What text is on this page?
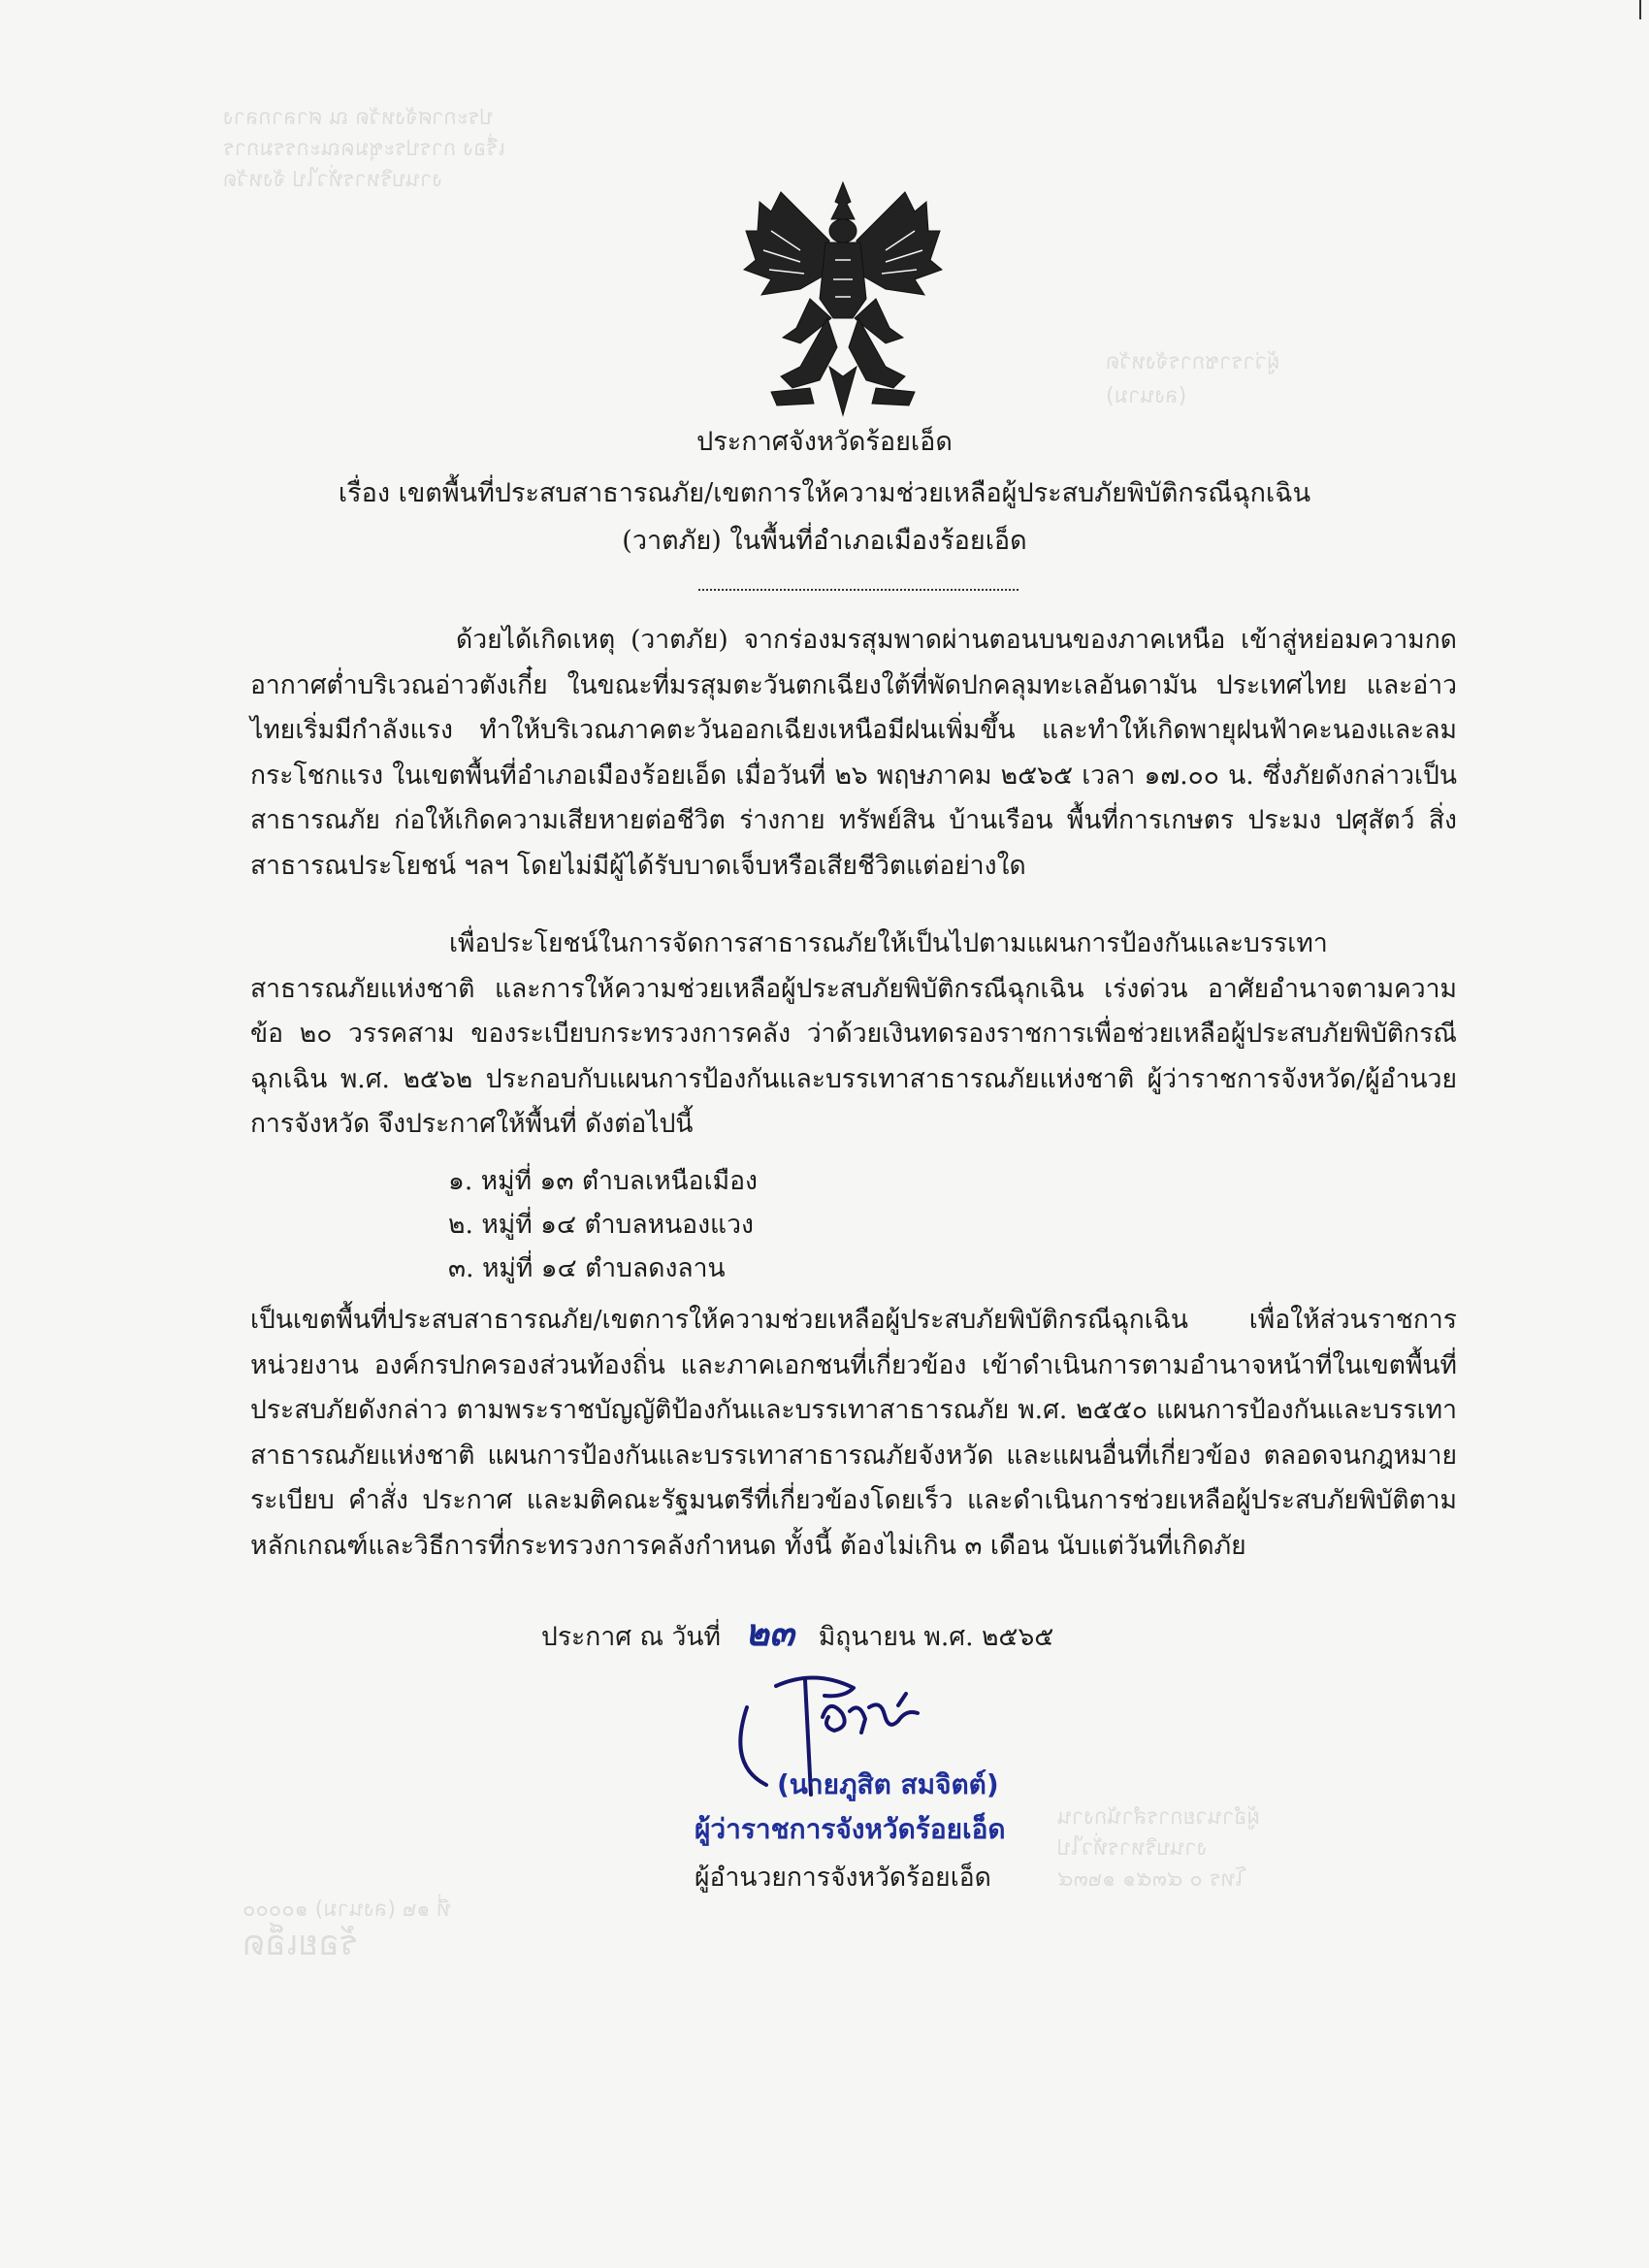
ประกาศจังหวัด ณ ศาลากลาง
เรื่อง การประชุมคณะกรรมการ
งานบริหารทั่วไป จังหวัด
ผู้ว่าราชการจังหวัด
(ลงนาม)
ผู้อำนวยการสำนักงาน
งานบริหารทั่วไป
โทร ๐ ๔๓๕๑ ๑๒๓๔
ที่ ๑๒ (ลงนาม) ๑๐๐๐๐
ร้อยเอ็ด
ประกาศจังหวัดร้อยเอ็ด
เรื่อง เขตพื้นที่ประสบสาธารณภัย/เขตการให้ความช่วยเหลือผู้ประสบภัยพิบัติกรณีฉุกเฉิน
(วาตภัย) ในพื้นที่อำเภอเมืองร้อยเอ็ด

ด้วยได้เกิดเหตุ (วาตภัย) จากร่องมรสุมพาดผ่านตอนบนของภาคเหนือ เข้าสู่หย่อมความกดอากาศต่ำบริเวณอ่าวตังเกี๋ย ในขณะที่มรสุมตะวันตกเฉียงใต้ที่พัดปกคลุมทะเลอันดามัน ประเทศไทย และอ่าวไทยเริ่มมีกำลังแรง ทำให้บริเวณภาคตะวันออกเฉียงเหนือมีฝนเพิ่มขึ้น และทำให้เกิดพายุฝนฟ้าคะนองและลมกระโชกแรง ในเขตพื้นที่อำเภอเมืองร้อยเอ็ด เมื่อวันที่ ๒๖ พฤษภาคม ๒๕๖๕ เวลา ๑๗.๐๐ น. ซึ่งภัยดังกล่าวเป็นสาธารณภัย ก่อให้เกิดความเสียหายต่อชีวิต ร่างกาย ทรัพย์สิน บ้านเรือน พื้นที่การเกษตร ประมง ปศุสัตว์ สิ่งสาธารณประโยชน์ ฯลฯ โดยไม่มีผู้ได้รับบาดเจ็บหรือเสียชีวิตแต่อย่างใด

เพื่อประโยชน์ในการจัดการสาธารณภัยให้เป็นไปตามแผนการป้องกันและบรรเทาสาธารณภัยแห่งชาติ และการให้ความช่วยเหลือผู้ประสบภัยพิบัติกรณีฉุกเฉิน เร่งด่วน อาศัยอำนาจตามความ ข้อ ๒๐ วรรคสาม ของระเบียบกระทรวงการคลัง ว่าด้วยเงินทดรองราชการเพื่อช่วยเหลือผู้ประสบภัยพิบัติกรณีฉุกเฉิน พ.ศ. ๒๕๖๒ ประกอบกับแผนการป้องกันและบรรเทาสาธารณภัยแห่งชาติ ผู้ว่าราชการจังหวัด/ผู้อำนวยการจังหวัด จึงประกาศให้พื้นที่ ดังต่อไปนี้

๑. หมู่ที่ ๑๓ ตำบลเหนือเมือง
๒. หมู่ที่ ๑๔ ตำบลหนองแวง
๓. หมู่ที่ ๑๔ ตำบลดงลาน

เป็นเขตพื้นที่ประสบสาธารณภัย/เขตการให้ความช่วยเหลือผู้ประสบภัยพิบัติกรณีฉุกเฉิน เพื่อให้ส่วนราชการ หน่วยงาน องค์กรปกครองส่วนท้องถิ่น และภาคเอกชนที่เกี่ยวข้อง เข้าดำเนินการตามอำนาจหน้าที่ในเขตพื้นที่ประสบภัยดังกล่าว ตามพระราชบัญญัติป้องกันและบรรเทาสาธารณภัย พ.ศ. ๒๕๕๐ แผนการป้องกันและบรรเทาสาธารณภัยแห่งชาติ แผนการป้องกันและบรรเทาสาธารณภัยจังหวัด และแผนอื่นที่เกี่ยวข้อง ตลอดจนกฎหมาย ระเบียบ คำสั่ง ประกาศ และมติคณะรัฐมนตรีที่เกี่ยวข้องโดยเร็ว และดำเนินการช่วยเหลือผู้ประสบภัยพิบัติตามหลักเกณฑ์และวิธีการที่กระทรวงการคลังกำหนด ทั้งนี้ ต้องไม่เกิน ๓ เดือน นับแต่วันที่เกิดภัย

ประกาศ ณ วันที่ ๒๓ มิถุนายน พ.ศ. ๒๕๖๕
(นายภูสิต สมจิตต์)
ผู้ว่าราชการจังหวัดร้อยเอ็ด
ผู้อำนวยการจังหวัดร้อยเอ็ด
